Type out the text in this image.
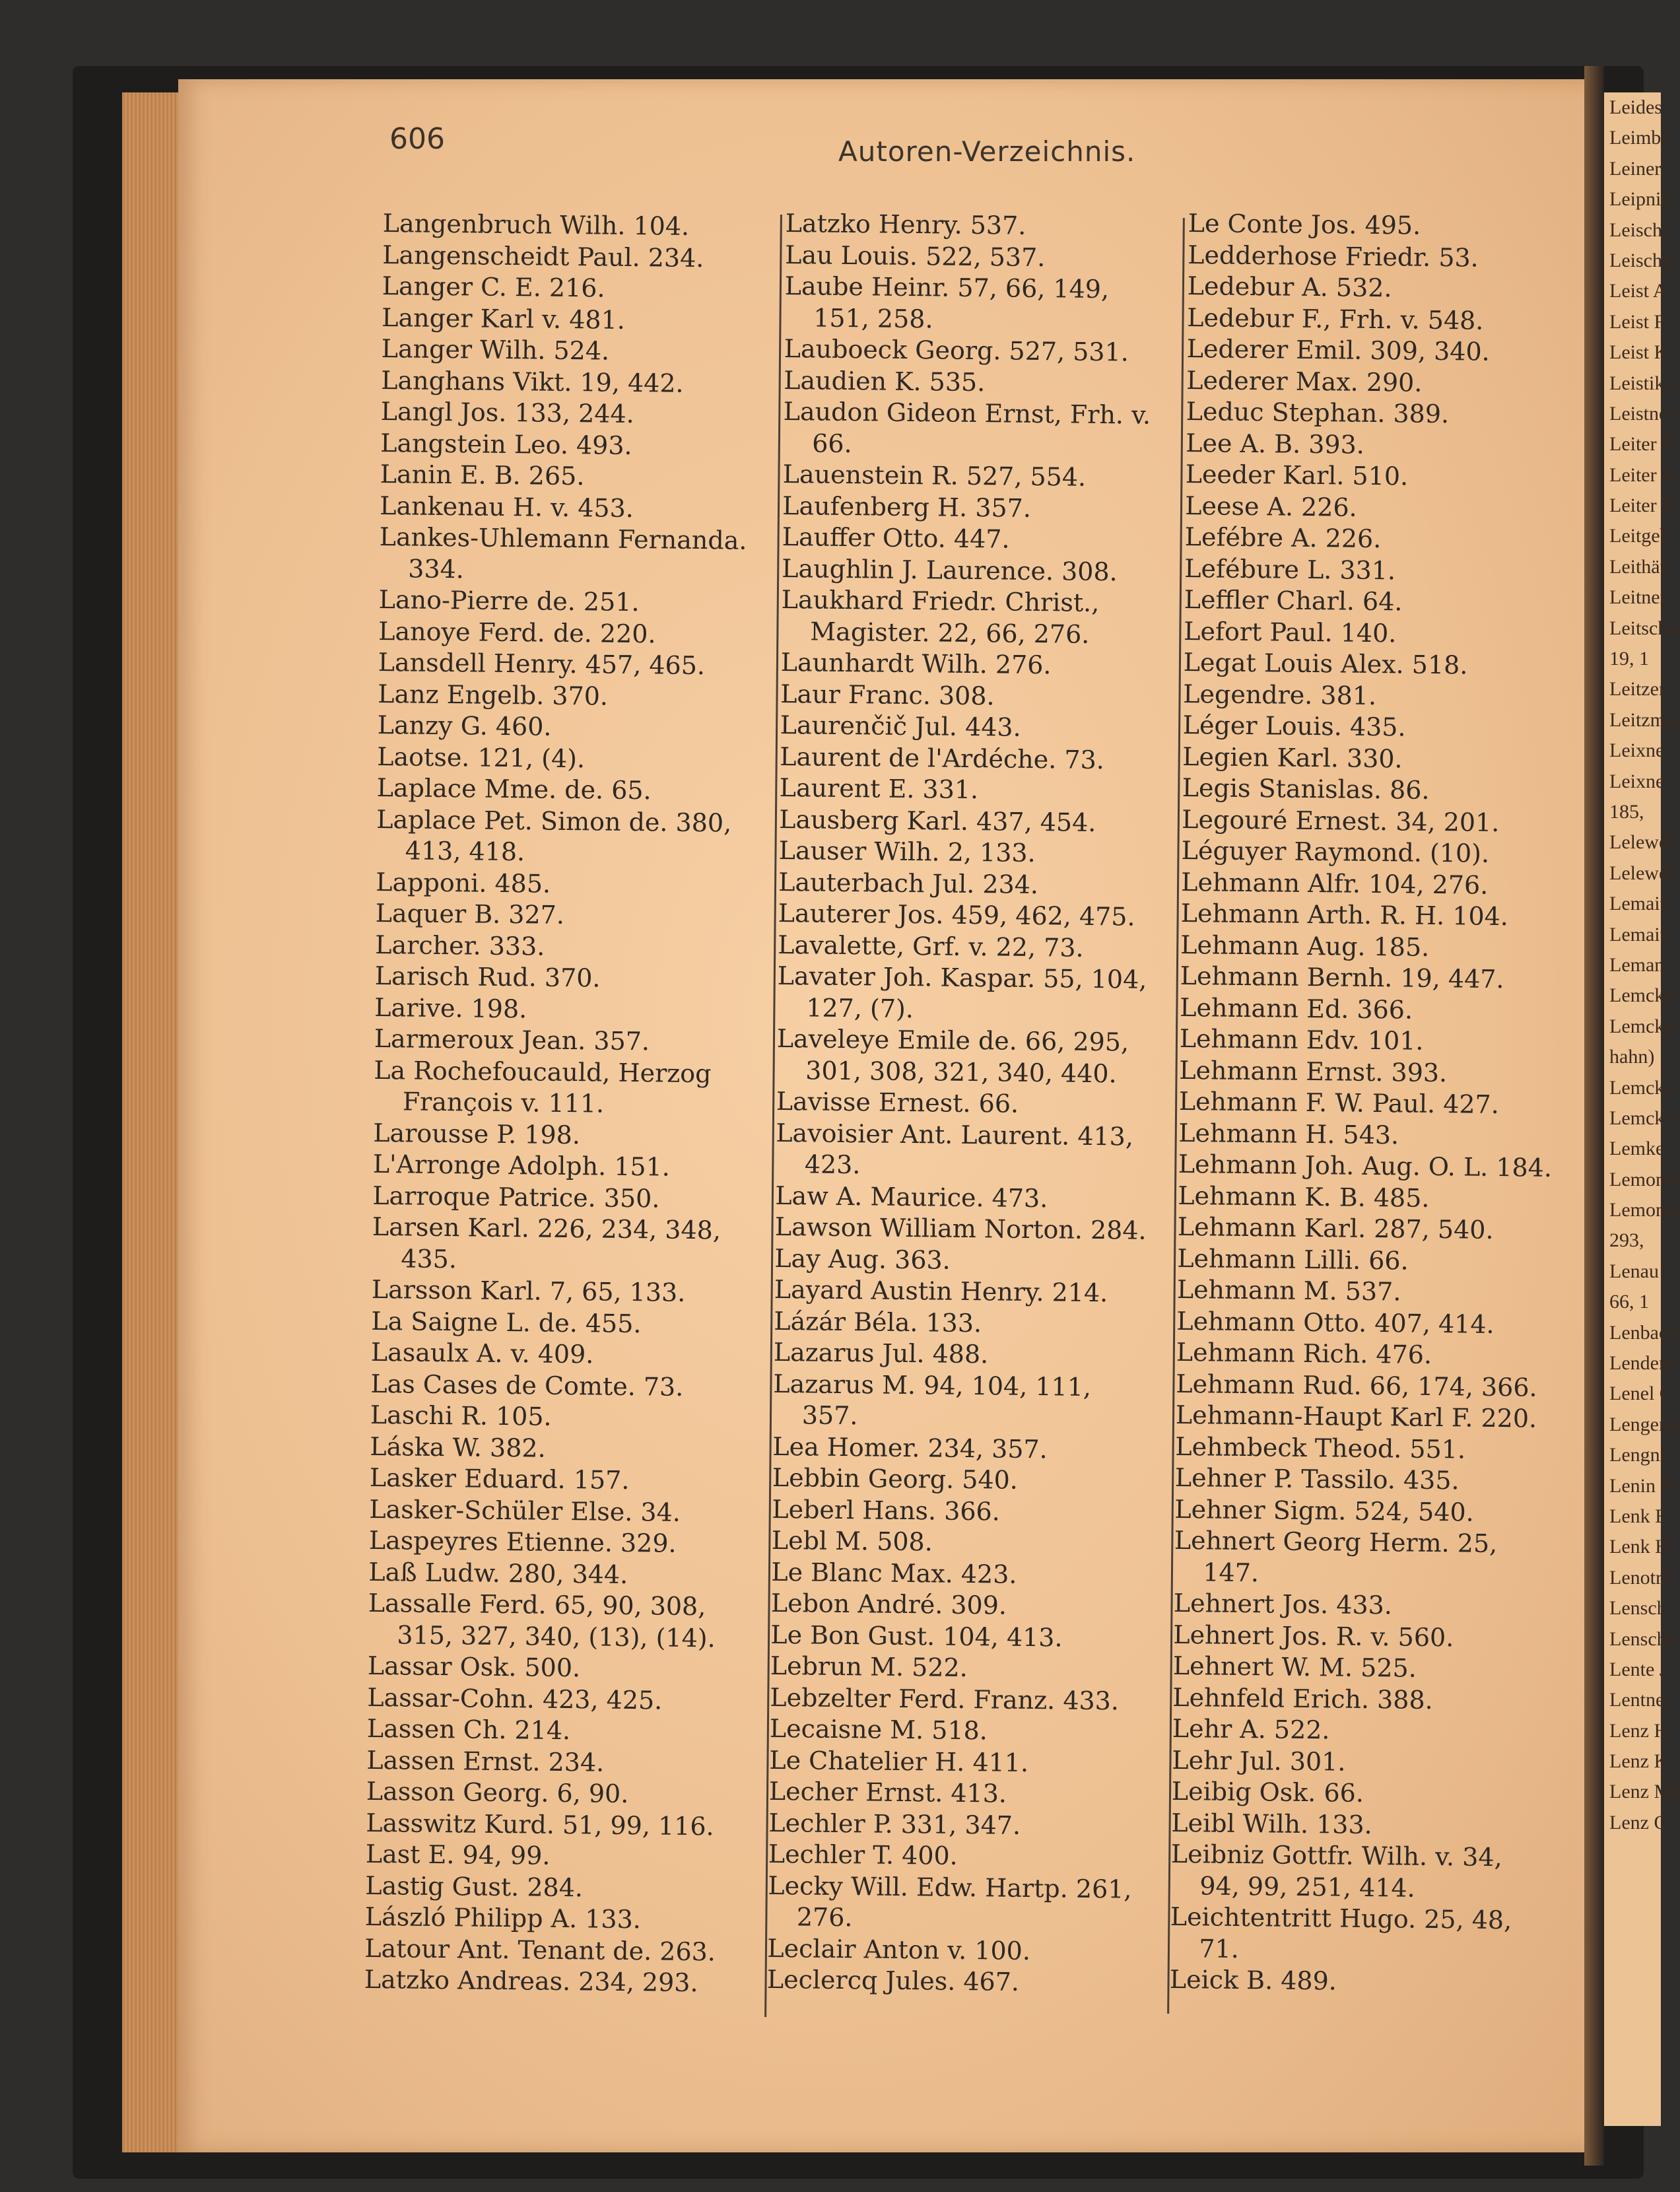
Leides
Leimba
Leiner
Leipnik
Leischi
Leischn
Leist A
Leist F
Leist K
Leistiko
Leistner
Leiter F
Leiter H
Leiter H
Leitgeb
Leithäu
Leitner
Leitschu
19, 1
Leitzen
Leitzma
Leixner
Leixner
185,
Lelewel
Lelewer
Lemaitr
Lemaitr
Leman
Lemcke
Lemcke
hahn)
Lemcke
Lemcke
Lemke
Lemonn
Lemonn
293,
Lenau
66, 1
Lenbach
Lendenf
Lenel C
Lengerk
Lengnic
Lenin N
Lenk E
Lenk H
Lenotre
Lensch
Lenscha
Lente J
Lentner
Lenz H
Lenz K
Lenz Ma
Lenz O
606	Autoren-Verzeichnis.
Langenbruch Wilh. 104.
Langenscheidt Paul. 234.
Langer C. E. 216.
Langer Karl v. 481.
Langer Wilh. 524.
Langhans Vikt. 19, 442.
Langl Jos. 133, 244.
Langstein Leo. 493.
Lanin E. B. 265.
Lankenau H. v. 453.
Lankes-Uhlemann Fernanda.
334.
Lano-Pierre de. 251.
Lanoye Ferd. de. 220.
Lansdell Henry. 457, 465.
Lanz Engelb. 370.
Lanzy G. 460.
Laotse. 121, (4).
Laplace Mme. de. 65.
Laplace Pet. Simon de. 380,
413, 418.
Lapponi. 485.
Laquer B. 327.
Larcher. 333.
Larisch Rud. 370.
Larive. 198.
Larmeroux Jean. 357.
La Rochefoucauld, Herzog
François v. 111.
Larousse P. 198.
L'Arronge Adolph. 151.
Larroque Patrice. 350.
Larsen Karl. 226, 234, 348,
435.
Larsson Karl. 7, 65, 133.
La Saigne L. de. 455.
Lasaulx A. v. 409.
Las Cases de Comte. 73.
Laschi R. 105.
Láska W. 382.
Lasker Eduard. 157.
Lasker-Schüler Else. 34.
Laspeyres Etienne. 329.
Laß Ludw. 280, 344.
Lassalle Ferd. 65, 90, 308,
315, 327, 340, (13), (14).
Lassar Osk. 500.
Lassar-Cohn. 423, 425.
Lassen Ch. 214.
Lassen Ernst. 234.
Lasson Georg. 6, 90.
Lasswitz Kurd. 51, 99, 116.
Last E. 94, 99.
Lastig Gust. 284.
László Philipp A. 133.
Latour Ant. Tenant de. 263.
Latzko Andreas. 234, 293.
Latzko Henry. 537.
Lau Louis. 522, 537.
Laube Heinr. 57, 66, 149,
151, 258.
Lauboeck Georg. 527, 531.
Laudien K. 535.
Laudon Gideon Ernst, Frh. v.
66.
Lauenstein R. 527, 554.
Laufenberg H. 357.
Lauffer Otto. 447.
Laughlin J. Laurence. 308.
Laukhard Friedr. Christ.,
Magister. 22, 66, 276.
Launhardt Wilh. 276.
Laur Franc. 308.
Laurenčič Jul. 443.
Laurent de l'Ardéche. 73.
Laurent E. 331.
Lausberg Karl. 437, 454.
Lauser Wilh. 2, 133.
Lauterbach Jul. 234.
Lauterer Jos. 459, 462, 475.
Lavalette, Grf. v. 22, 73.
Lavater Joh. Kaspar. 55, 104,
127, (7).
Laveleye Emile de. 66, 295,
301, 308, 321, 340, 440.
Lavisse Ernest. 66.
Lavoisier Ant. Laurent. 413,
423.
Law A. Maurice. 473.
Lawson William Norton. 284.
Lay Aug. 363.
Layard Austin Henry. 214.
Lázár Béla. 133.
Lazarus Jul. 488.
Lazarus M. 94, 104, 111,
357.
Lea Homer. 234, 357.
Lebbin Georg. 540.
Leberl Hans. 366.
Lebl M. 508.
Le Blanc Max. 423.
Lebon André. 309.
Le Bon Gust. 104, 413.
Lebrun M. 522.
Lebzelter Ferd. Franz. 433.
Lecaisne M. 518.
Le Chatelier H. 411.
Lecher Ernst. 413.
Lechler P. 331, 347.
Lechler T. 400.
Lecky Will. Edw. Hartp. 261,
276.
Leclair Anton v. 100.
Leclercq Jules. 467.
Le Conte Jos. 495.
Ledderhose Friedr. 53.
Ledebur A. 532.
Ledebur F., Frh. v. 548.
Lederer Emil. 309, 340.
Lederer Max. 290.
Leduc Stephan. 389.
Lee A. B. 393.
Leeder Karl. 510.
Leese A. 226.
Lefébre A. 226.
Lefébure L. 331.
Leffler Charl. 64.
Lefort Paul. 140.
Legat Louis Alex. 518.
Legendre. 381.
Léger Louis. 435.
Legien Karl. 330.
Legis Stanislas. 86.
Legouré Ernest. 34, 201.
Léguyer Raymond. (10).
Lehmann Alfr. 104, 276.
Lehmann Arth. R. H. 104.
Lehmann Aug. 185.
Lehmann Bernh. 19, 447.
Lehmann Ed. 366.
Lehmann Edv. 101.
Lehmann Ernst. 393.
Lehmann F. W. Paul. 427.
Lehmann H. 543.
Lehmann Joh. Aug. O. L. 184.
Lehmann K. B. 485.
Lehmann Karl. 287, 540.
Lehmann Lilli. 66.
Lehmann M. 537.
Lehmann Otto. 407, 414.
Lehmann Rich. 476.
Lehmann Rud. 66, 174, 366.
Lehmann-Haupt Karl F. 220.
Lehmbeck Theod. 551.
Lehner P. Tassilo. 435.
Lehner Sigm. 524, 540.
Lehnert Georg Herm. 25,
147.
Lehnert Jos. 433.
Lehnert Jos. R. v. 560.
Lehnert W. M. 525.
Lehnfeld Erich. 388.
Lehr A. 522.
Lehr Jul. 301.
Leibig Osk. 66.
Leibl Wilh. 133.
Leibniz Gottfr. Wilh. v. 34,
94, 99, 251, 414.
Leichtentritt Hugo. 25, 48,
71.
Leick B. 489.
